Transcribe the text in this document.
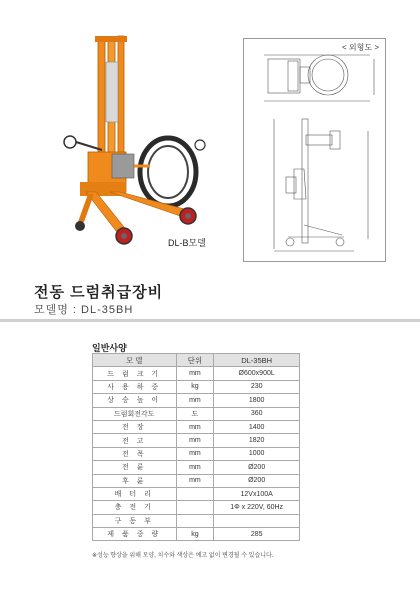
DL-B모델
< 외형도 >
전동 드럼취급장비
모델명 : DL-35BH
일반사양
모 델	단위	DL-35BH
드 럼 크 기	mm	Ø600x900L
사 용 하 중	kg	230
상 승 높 이	mm	1800
드럼회전각도	도	360
전 장	mm	1400
전 고	mm	1820
전 폭	mm	1000
전 륜	mm	Ø200
후 륜	mm	Ø200
배 터 리		12Vx100A
충 전 기		1Φ x 220V, 60Hz
구 동 부		
제 품 중 량	kg	285
※성능 향상을 위해 모양, 치수와 색상은 예고 없이 변경될 수 있습니다.
